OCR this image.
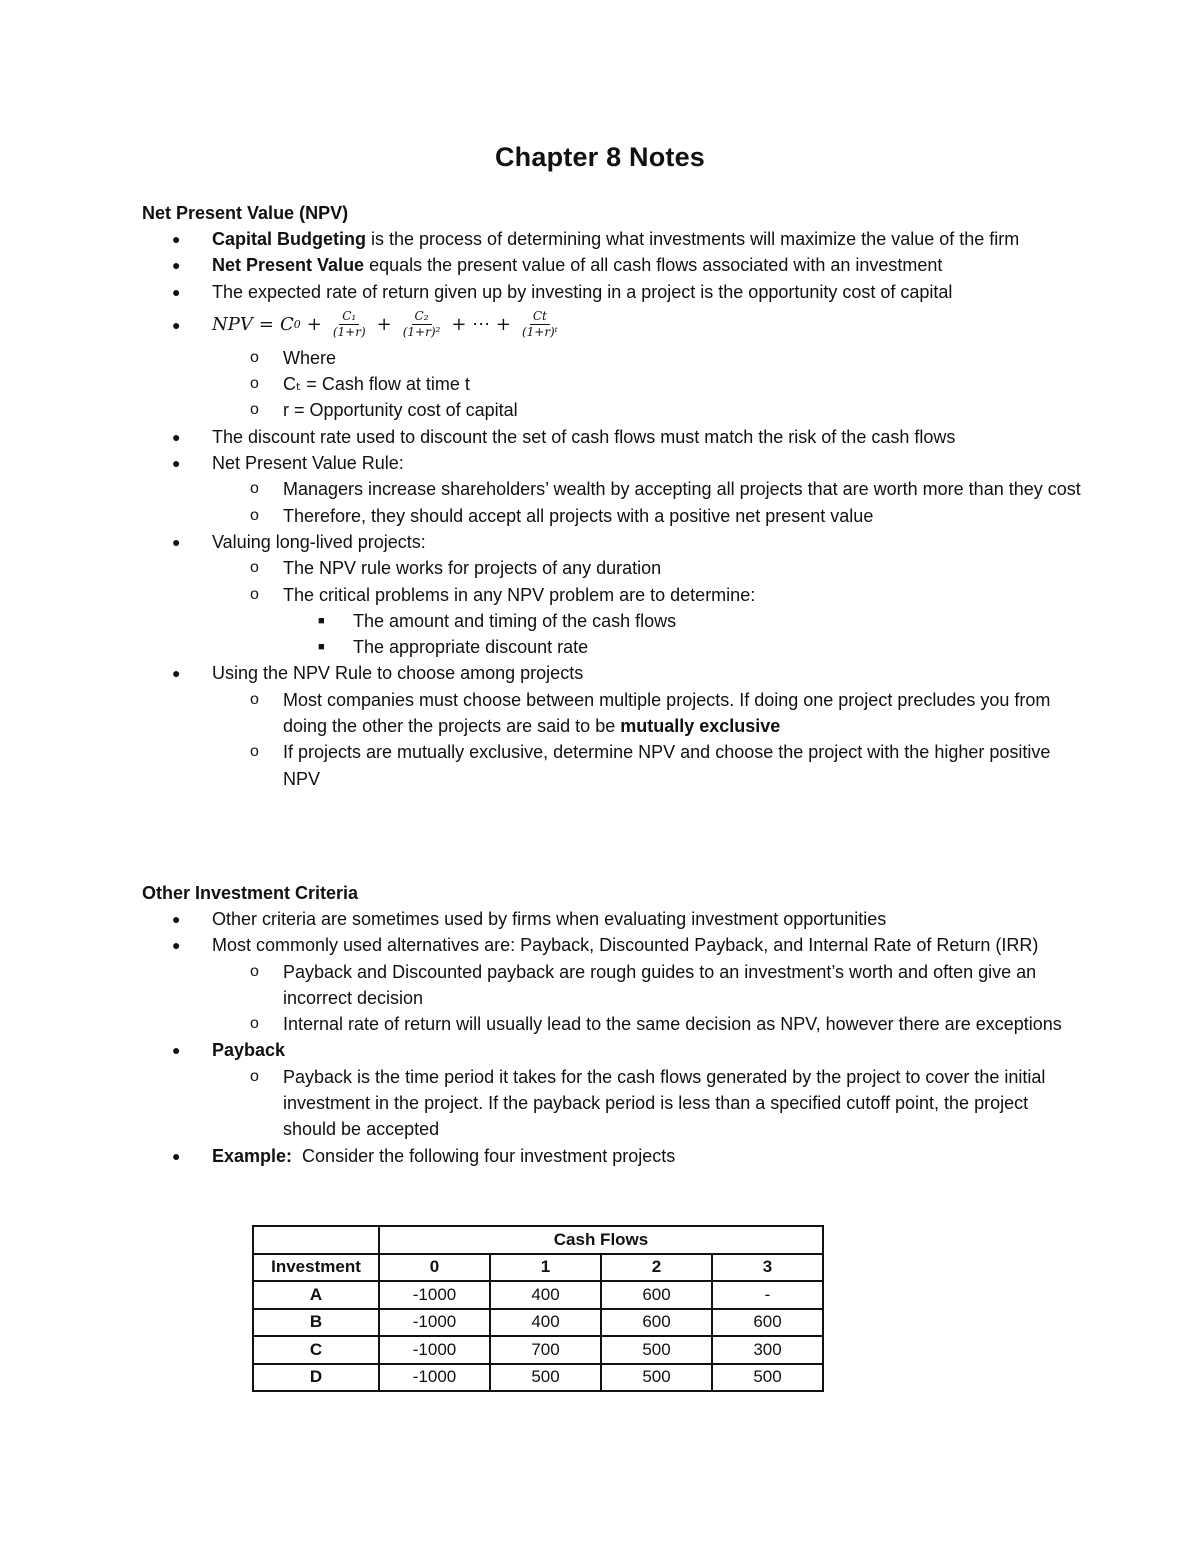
Chapter 8 Notes
Net Present Value (NPV)
● Capital Budgeting is the process of determining what investments will maximize the value of the firm
● Net Present Value equals the present value of all cash flows associated with an investment
● The expected rate of return given up by investing in a project is the opportunity cost of capital
● NPV = C $0 + \frac{\text{C₁}}{(1+r)} + \frac{\text{C₂}}{\text{(1+r)²}}$ + ⋯ + $\frac{Ct}{\text{(1+r)ᵗ}}$
o Where
o Cₜ = Cash flow at time t
o r = Opportunity cost of capital
● The discount rate used to discount the set of cash flows must match the risk of the cash flows
● Net Present Value Rule:
o Managers increase shareholders’ wealth by accepting all projects that are worth more than they cost
o Therefore, they should accept all projects with a positive net present value
● Valuing long-lived projects:
o The NPV rule works for projects of any duration
o The critical problems in any NPV problem are to determine:
■ The amount and timing of the cash flows
■ The appropriate discount rate
● Using the NPV Rule to choose among projects
o Most companies must choose between multiple projects. If doing one project precludes you from doing the other the projects are said to be mutually exclusive
o If projects are mutually exclusive, determine NPV and choose the project with the higher positive NPV
Other Investment Criteria
● Other criteria are sometimes used by firms when evaluating investment opportunities
● Most commonly used alternatives are: Payback, Discounted Payback, and Internal Rate of Return (IRR)
o Payback and Discounted payback are rough guides to an investment’s worth and often give an incorrect decision
o Internal rate of return will usually lead to the same decision as NPV, however there are exceptions
● Payback
o Payback is the time period it takes for the cash flows generated by the project to cover the initial investment in the project. If the payback period is less than a specified cutoff point, the project should be accepted
● Example:  Consider the following four investment projects
	Cash Flows			
Investment	0	1	2	3
A	-1000	400	600	-
B	-1000	400	600	600
C	-1000	700	500	300
D	-1000	500	500	500
